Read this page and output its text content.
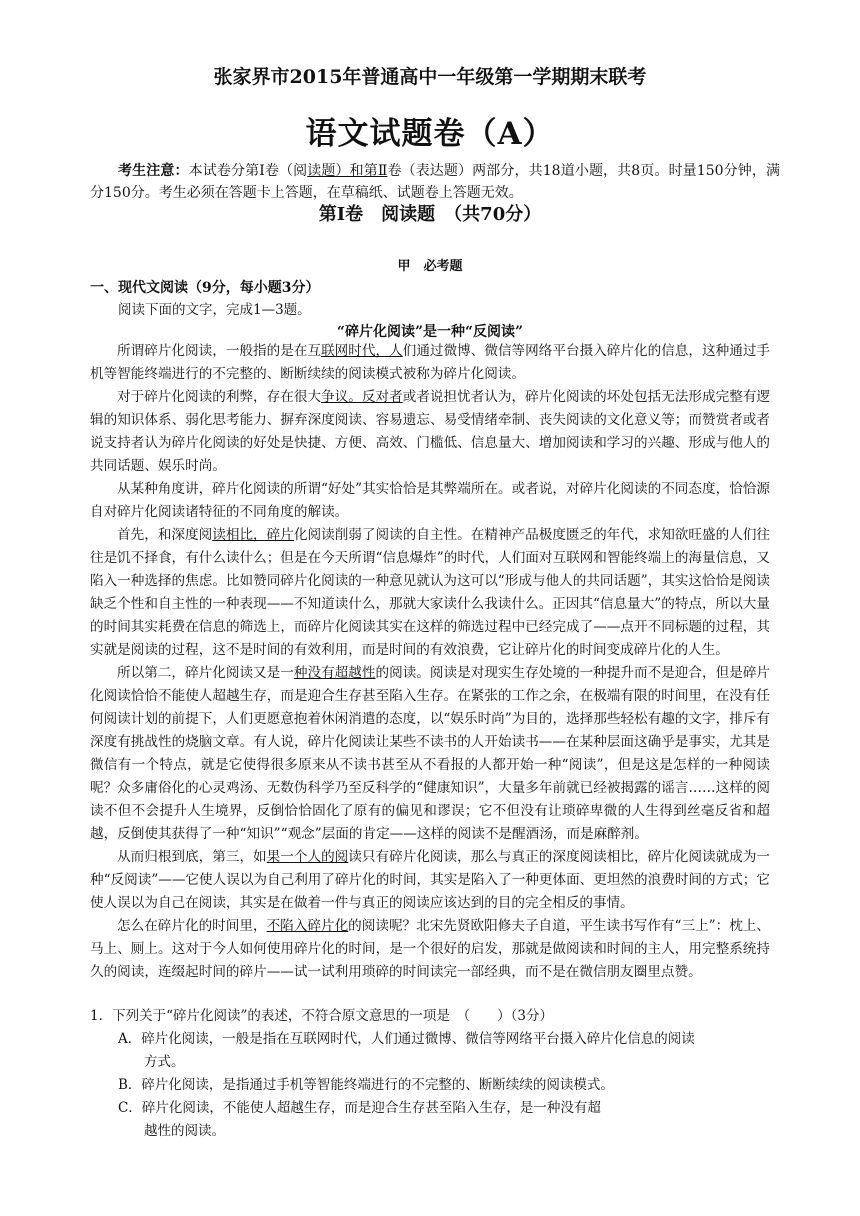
张家界市2015年普通高中一年级第一学期期末联考
语文试题卷（A）
考生注意：本试卷分第Ⅰ卷（阅读题）和第Ⅱ卷（表达题）两部分，共18道小题，共8页。时量150分钟，满分150分。考生必须在答题卡上答题，在草稿纸、试题卷上答题无效。
第Ⅰ卷　阅读题　（共70分）
甲　必考题
一、现代文阅读（9分，每小题3分）
阅读下面的文字，完成1—3题。
“碎片化阅读”是一种“反阅读”

所谓碎片化阅读，一般指的是在互联网时代，人们通过微博、微信等网络平台摄入碎片化的信息，这种通过手机等智能终端进行的不完整的、断断续续的阅读模式被称为碎片化阅读。

对于碎片化阅读的利弊，存在很大争议。反对者或者说担忧者认为，碎片化阅读的坏处包括无法形成完整有逻辑的知识体系、弱化思考能力、摒弃深度阅读、容易遗忘、易受情绪牵制、丧失阅读的文化意义等；而赞赏者或者说支持者认为碎片化阅读的好处是快捷、方便、高效、门槛低、信息量大、增加阅读和学习的兴趣、形成与他人的共同话题、娱乐时尚。

从某种角度讲，碎片化阅读的所谓“好处”其实恰恰是其弊端所在。或者说，对碎片化阅读的不同态度，恰恰源自对碎片化阅读诸特征的不同角度的解读。

首先，和深度阅读相比，碎片化阅读削弱了阅读的自主性。在精神产品极度匮乏的年代，求知欲旺盛的人们往往是饥不择食，有什么读什么；但是在今天所谓“信息爆炸”的时代，人们面对互联网和智能终端上的海量信息，又陷入一种选择的焦虑。比如赞同碎片化阅读的一种意见就认为这可以“形成与他人的共同话题”，其实这恰恰是阅读缺乏个性和自主性的一种表现——不知道读什么，那就大家读什么我读什么。正因其“信息量大”的特点，所以大量的时间其实耗费在信息的筛选上，而碎片化阅读其实在这样的筛选过程中已经完成了——点开不同标题的过程，其实就是阅读的过程，这不是时间的有效利用，而是时间的有效浪费，它让碎片化的时间变成碎片化的人生。

所以第二，碎片化阅读又是一种没有超越性的阅读。阅读是对现实生存处境的一种提升而不是迎合，但是碎片化阅读恰恰不能使人超越生存，而是迎合生存甚至陷入生存。在紧张的工作之余，在极端有限的时间里，在没有任何阅读计划的前提下，人们更愿意抱着休闲消遣的态度，以“娱乐时尚”为目的，选择那些轻松有趣的文字，排斥有深度有挑战性的烧脑文章。有人说，碎片化阅读让某些不读书的人开始读书——在某种层面这确乎是事实，尤其是微信有一个特点，就是它使得很多原来从不读书甚至从不看报的人都开始一种“阅读”，但是这是怎样的一种阅读呢？众多庸俗化的心灵鸡汤、无数伪科学乃至反科学的“健康知识”，大量多年前就已经被揭露的谣言……这样的阅读不但不会提升人生境界，反倒恰恰固化了原有的偏见和谬误；它不但没有让琐碎卑微的人生得到丝毫反省和超越，反倒使其获得了一种“知识”“观念”层面的肯定——这样的阅读不是醒酒汤，而是麻醉剂。

从而归根到底，第三，如果一个人的阅读只有碎片化阅读，那么与真正的深度阅读相比，碎片化阅读就成为一种“反阅读”——它使人误以为自己利用了碎片化的时间，其实是陷入了一种更体面、更坦然的浪费时间的方式；它使人误以为自己在阅读，其实是在做着一件与真正的阅读应该达到的目的完全相反的事情。

怎么在碎片化的时间里，不陷入碎片化的阅读呢？北宋先贤欧阳修夫子自道，平生读书写作有“三上”：枕上、马上、厕上。这对于今人如何使用碎片化的时间，是一个很好的启发，那就是做阅读和时间的主人，用完整系统持久的阅读，连缀起时间的碎片——试一试利用琐碎的时间读完一部经典，而不是在微信朋友圈里点赞。

1．下列关于“碎片化阅读”的表述，不符合原文意思的一项是　（　　）（3分）

A．碎片化阅读，一般是指在互联网时代，人们通过微博、微信等网络平台摄入碎片化信息的阅读
方式。

B．碎片化阅读，是指通过手机等智能终端进行的不完整的、断断续续的阅读模式。

C．碎片化阅读，不能使人超越生存，而是迎合生存甚至陷入生存，是一种没有超
越性的阅读。
